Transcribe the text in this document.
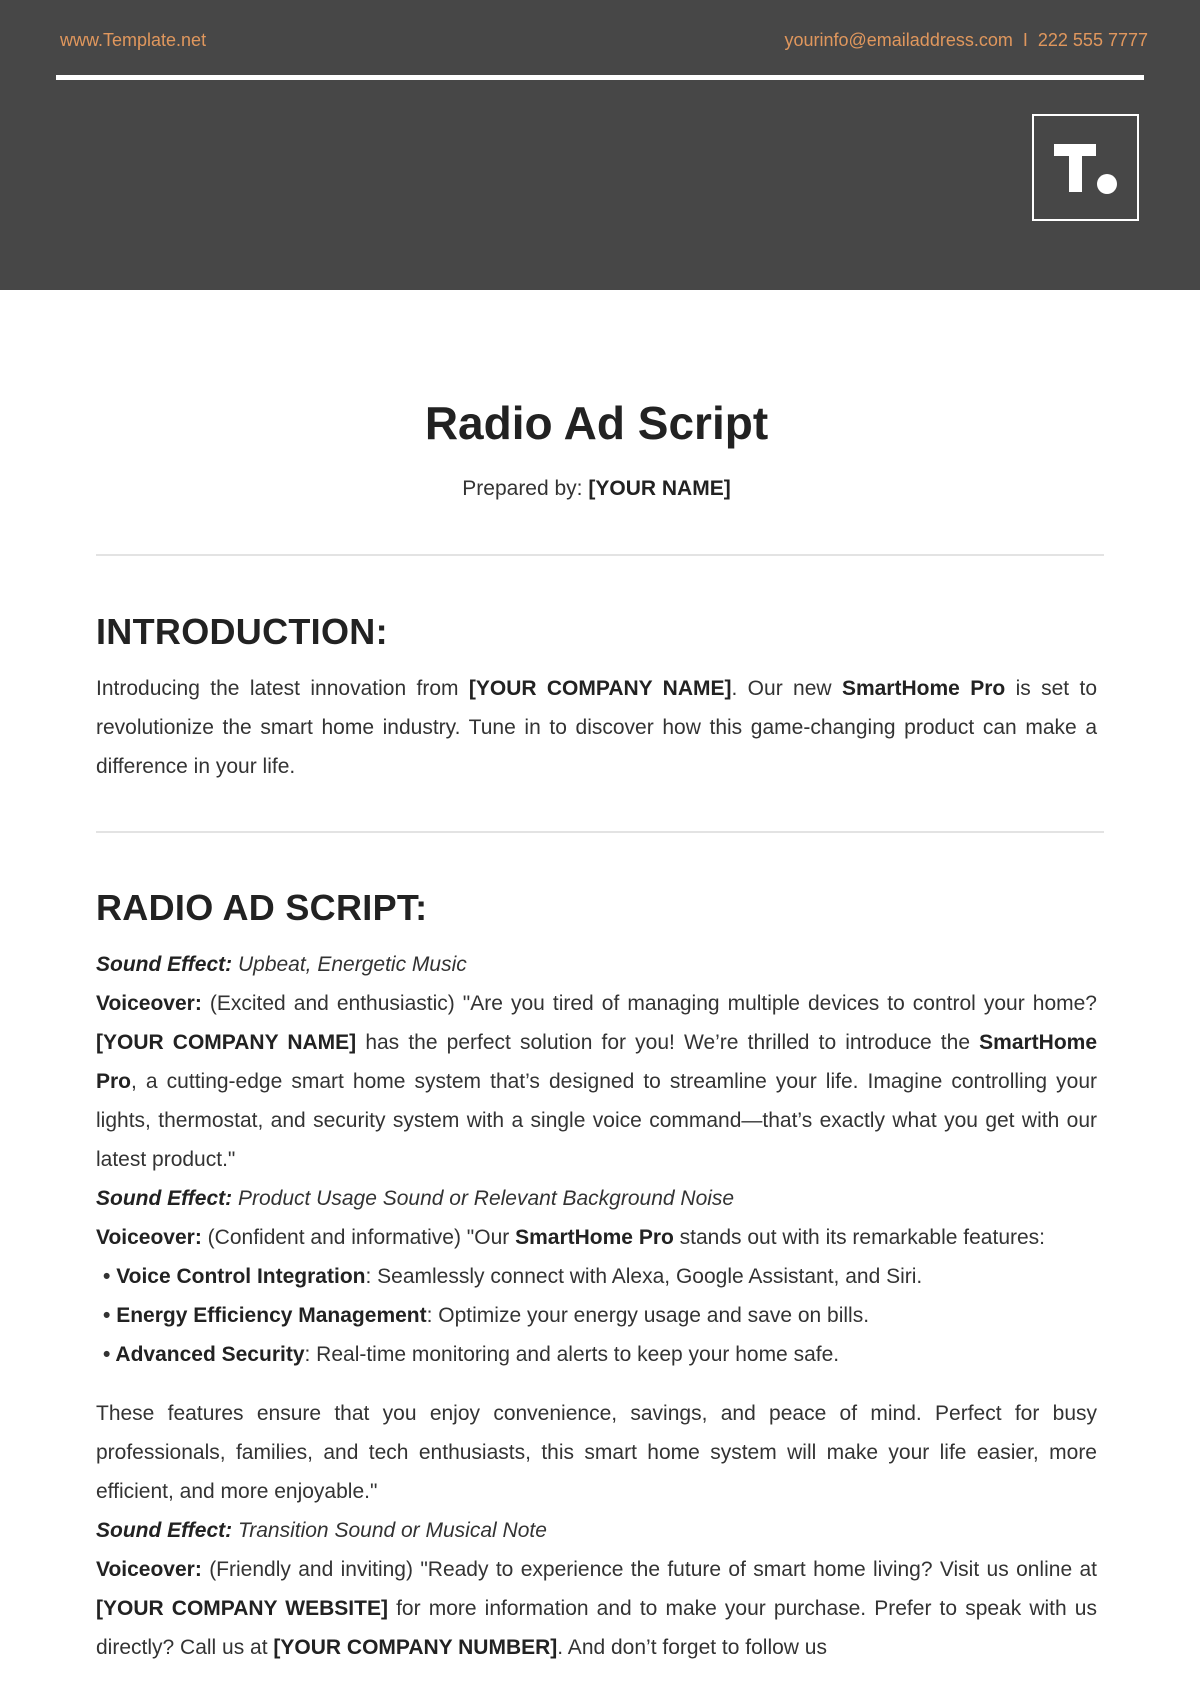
www.Template.net	yourinfo@emailaddress.com I 222 555 7777
Radio Ad Script
Prepared by: [YOUR NAME]
INTRODUCTION:

Introducing the latest innovation from [YOUR COMPANY NAME]. Our new SmartHome Pro is set to revolutionize the smart home industry. Tune in to discover how this game-changing product can make a difference in your life.

RADIO AD SCRIPT:

Sound Effect: Upbeat, Energetic Music

Voiceover: (Excited and enthusiastic) "Are you tired of managing multiple devices to control your home? [YOUR COMPANY NAME] has the perfect solution for you! We’re thrilled to introduce the SmartHome Pro, a cutting-edge smart home system that’s designed to streamline your life. Imagine controlling your lights, thermostat, and security system with a single voice command—that’s exactly what you get with our latest product."

Sound Effect: Product Usage Sound or Relevant Background Noise

Voiceover: (Confident and informative) "Our SmartHome Pro stands out with its remarkable features:

• Voice Control Integration: Seamlessly connect with Alexa, Google Assistant, and Siri.
• Energy Efficiency Management: Optimize your energy usage and save on bills.
• Advanced Security: Real-time monitoring and alerts to keep your home safe.

These features ensure that you enjoy convenience, savings, and peace of mind. Perfect for busy professionals, families, and tech enthusiasts, this smart home system will make your life easier, more efficient, and more enjoyable."

Sound Effect: Transition Sound or Musical Note

Voiceover: (Friendly and inviting) "Ready to experience the future of smart home living? Visit us online at [YOUR COMPANY WEBSITE] for more information and to make your purchase. Prefer to speak with us directly? Call us at [YOUR COMPANY NUMBER]. And don’t forget to follow us
